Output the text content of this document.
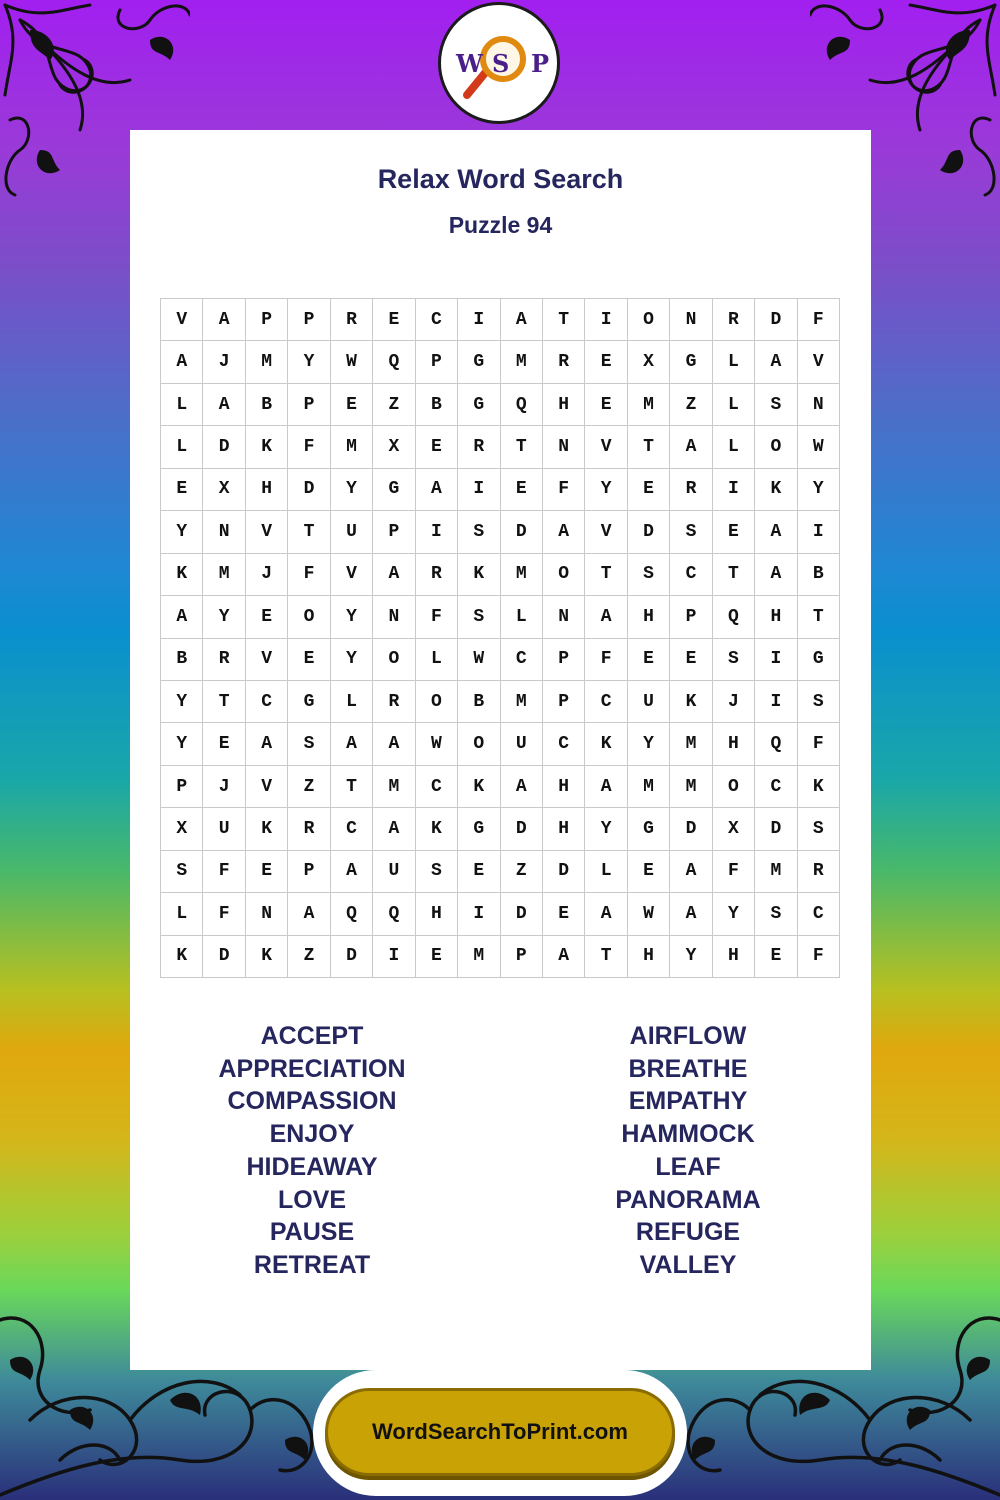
W S P
Relax Word Search
Puzzle 94
V	A	P	P	R	E	C	I	A	T	I	O	N	R	D	F
A	J	M	Y	W	Q	P	G	M	R	E	X	G	L	A	V
L	A	B	P	E	Z	B	G	Q	H	E	M	Z	L	S	N
L	D	K	F	M	X	E	R	T	N	V	T	A	L	O	W
E	X	H	D	Y	G	A	I	E	F	Y	E	R	I	K	Y
Y	N	V	T	U	P	I	S	D	A	V	D	S	E	A	I
K	M	J	F	V	A	R	K	M	O	T	S	C	T	A	B
A	Y	E	O	Y	N	F	S	L	N	A	H	P	Q	H	T
B	R	V	E	Y	O	L	W	C	P	F	E	E	S	I	G
Y	T	C	G	L	R	O	B	M	P	C	U	K	J	I	S
Y	E	A	S	A	A	W	O	U	C	K	Y	M	H	Q	F
P	J	V	Z	T	M	C	K	A	H	A	M	M	O	C	K
X	U	K	R	C	A	K	G	D	H	Y	G	D	X	D	S
S	F	E	P	A	U	S	E	Z	D	L	E	A	F	M	R
L	F	N	A	Q	Q	H	I	D	E	A	W	A	Y	S	C
K	D	K	Z	D	I	E	M	P	A	T	H	Y	H	E	F
ACCEPT
APPRECIATION
COMPASSION
ENJOY
HIDEAWAY
LOVE
PAUSE
RETREAT
AIRFLOW
BREATHE
EMPATHY
HAMMOCK
LEAF
PANORAMA
REFUGE
VALLEY
WordSearchToPrint.com
